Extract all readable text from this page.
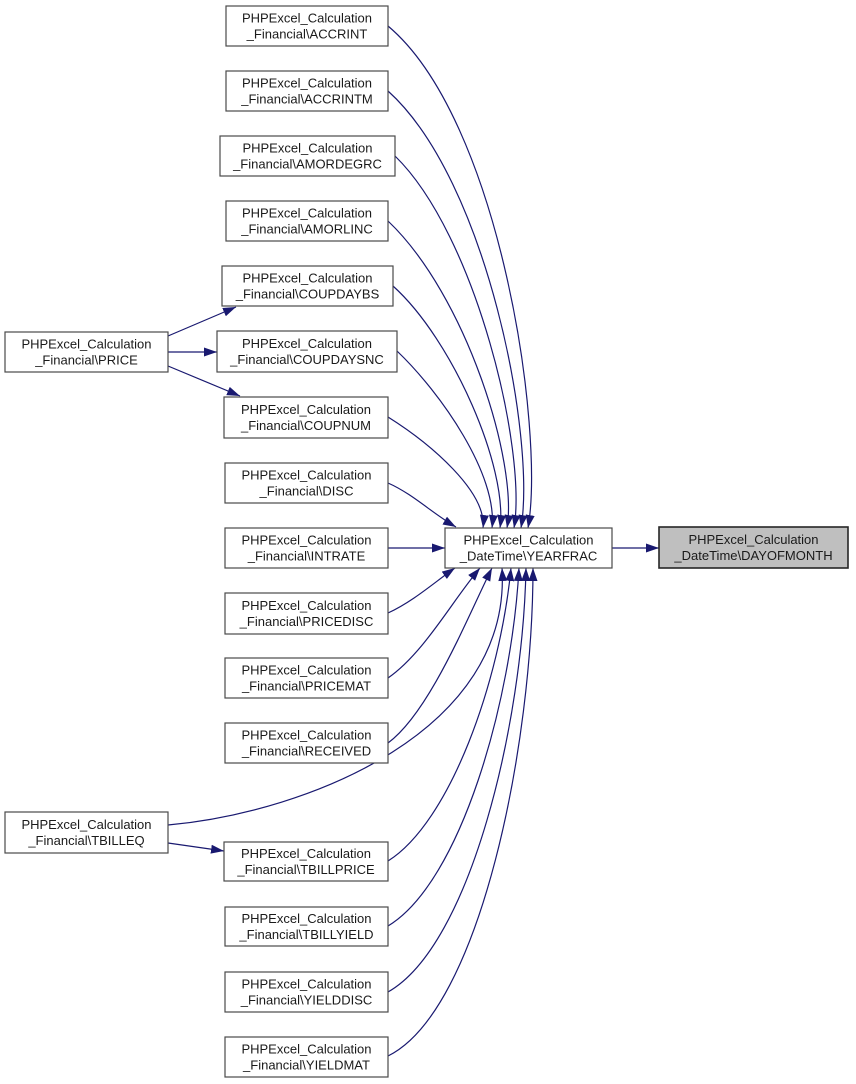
PHPExcel_Calculation _Financial\ACCRINT
PHPExcel_Calculation _Financial\ACCRINTM
PHPExcel_Calculation _Financial\AMORDEGRC
PHPExcel_Calculation _Financial\AMORLINC
PHPExcel_Calculation _Financial\COUPDAYBS
PHPExcel_Calculation _Financial\COUPDAYSNC
PHPExcel_Calculation _Financial\COUPNUM
PHPExcel_Calculation _Financial\DISC
PHPExcel_Calculation _Financial\INTRATE
PHPExcel_Calculation _Financial\PRICEDISC
PHPExcel_Calculation _Financial\PRICEMAT
PHPExcel_Calculation _Financial\RECEIVED
PHPExcel_Calculation _Financial\TBILLPRICE
PHPExcel_Calculation _Financial\TBILLYIELD
PHPExcel_Calculation _Financial\YIELDDISC
PHPExcel_Calculation _Financial\YIELDMAT
PHPExcel_Calculation _Financial\PRICE
PHPExcel_Calculation _Financial\TBILLEQ
PHPExcel_Calculation _DateTime\YEARFRAC
PHPExcel_Calculation _DateTime\DAYOFMONTH
